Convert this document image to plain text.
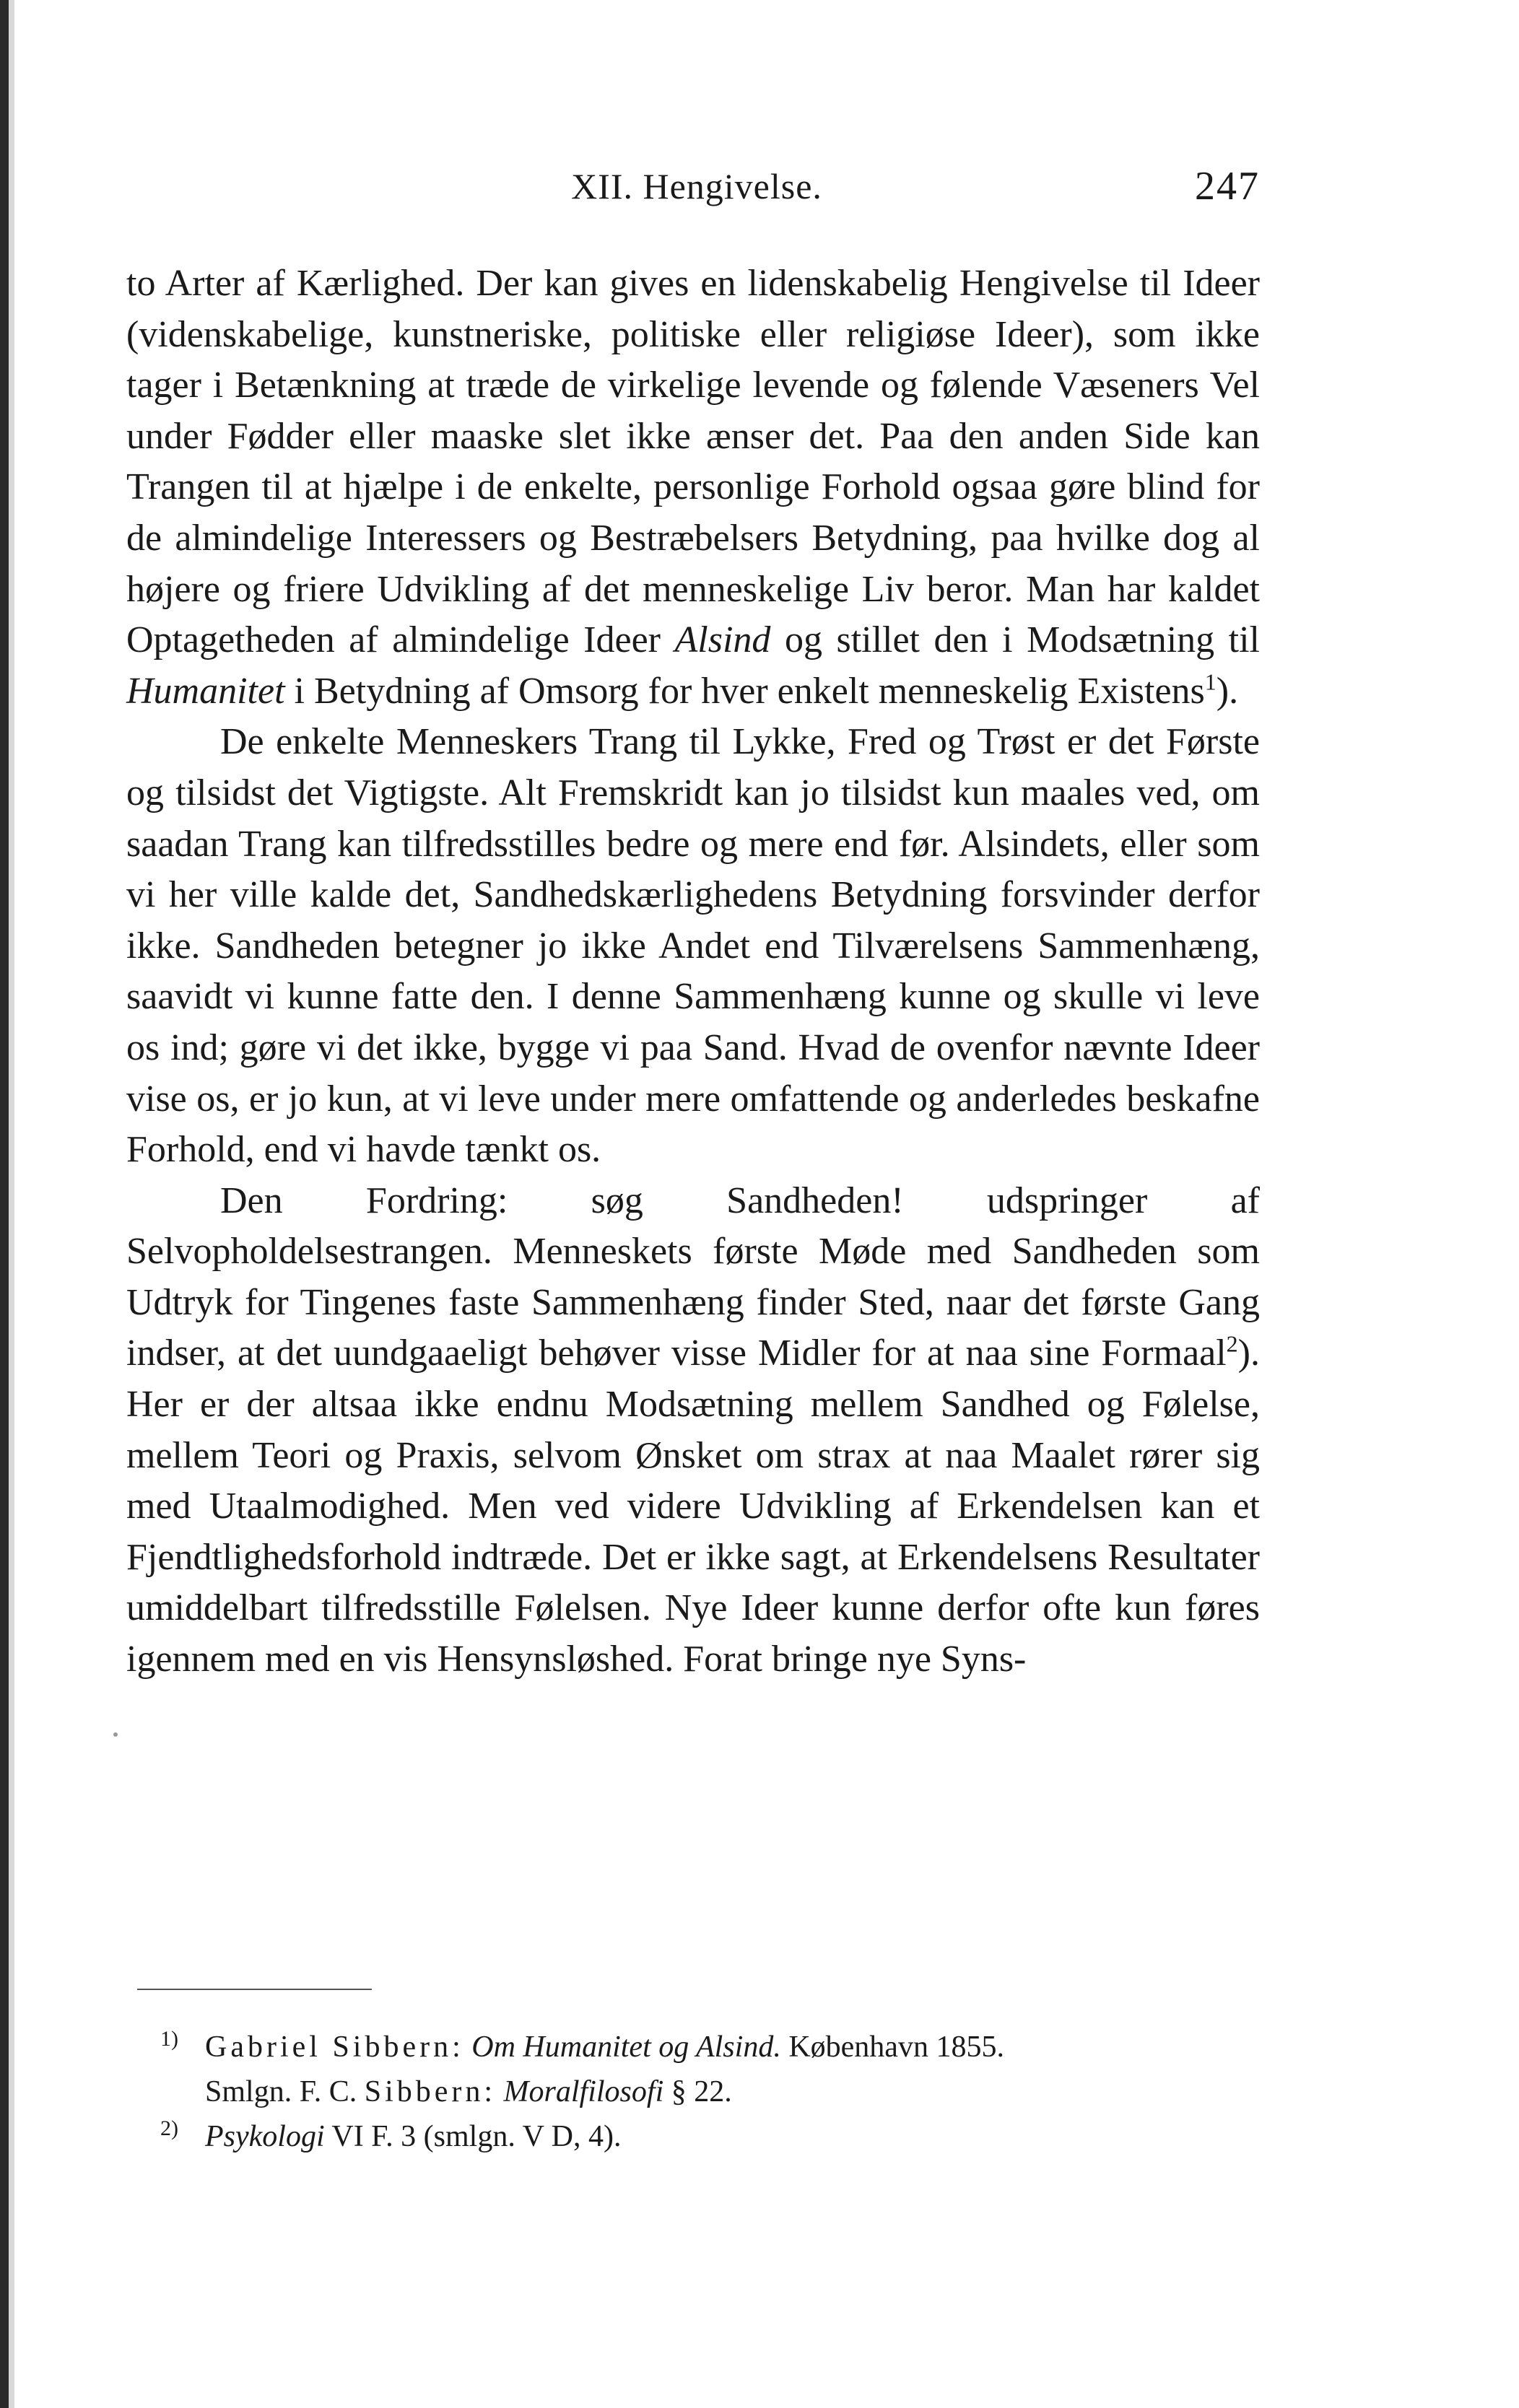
XII. Hengivelse.	247

to Arter af Kærlighed. Der kan gives en lidenskabelig Hengivelse til Ideer (videnskabelige, kunstneriske, politiske eller religiøse Ideer), som ikke tager i Betænkning at træde de virkelige levende og følende Væseners Vel under Fødder eller maaske slet ikke ænser det. Paa den anden Side kan Trangen til at hjælpe i de enkelte, personlige Forhold ogsaa gøre blind for de almindelige Interessers og Bestræbelsers Betydning, paa hvilke dog al højere og friere Udvikling af det menneskelige Liv beror. Man har kaldet Optagetheden af almindelige Ideer Alsind og stillet den i Modsætning til Humanitet i Betydning af Omsorg for hver enkelt menneskelig Existens$^1$).

De enkelte Menneskers Trang til Lykke, Fred og Trøst er det Første og tilsidst det Vigtigste. Alt Fremskridt kan jo tilsidst kun maales ved, om saadan Trang kan tilfredsstilles bedre og mere end før. Alsindets, eller som vi her ville kalde det, Sandhedskærlighedens Betydning forsvinder derfor ikke. Sandheden betegner jo ikke Andet end Tilværelsens Sammenhæng, saavidt vi kunne fatte den. I denne Sammenhæng kunne og skulle vi leve os ind; gøre vi det ikke, bygge vi paa Sand. Hvad de ovenfor nævnte Ideer vise os, er jo kun, at vi leve under mere omfattende og anderledes beskafne Forhold, end vi havde tænkt os.

Den Fordring: søg Sandheden! udspringer af Selvopholdelsestrangen. Menneskets første Møde med Sandheden som Udtryk for Tingenes faste Sammenhæng finder Sted, naar det første Gang indser, at det uundgaaeligt behøver visse Midler for at naa sine Formaal$^2$). Her er der altsaa ikke endnu Modsætning mellem Sandhed og Følelse, mellem Teori og Praxis, selvom Ønsket om strax at naa Maalet rører sig med Utaalmodighed. Men ved videre Udvikling af Erkendelsen kan et Fjendtlighedsforhold indtræde. Det er ikke sagt, at Erkendelsens Resultater umiddelbart tilfredsstille Følelsen. Nye Ideer kunne derfor ofte kun føres igennem med en vis Hensynsløshed. Forat bringe nye Syns-

1) Gabriel Sibbern: Om Humanitet og Alsind. København 1855.
Smlgn. F. C. Sibbern: Moralfilosofi § 22.
2) Psykologi VI F. 3 (smlgn. V D, 4).
